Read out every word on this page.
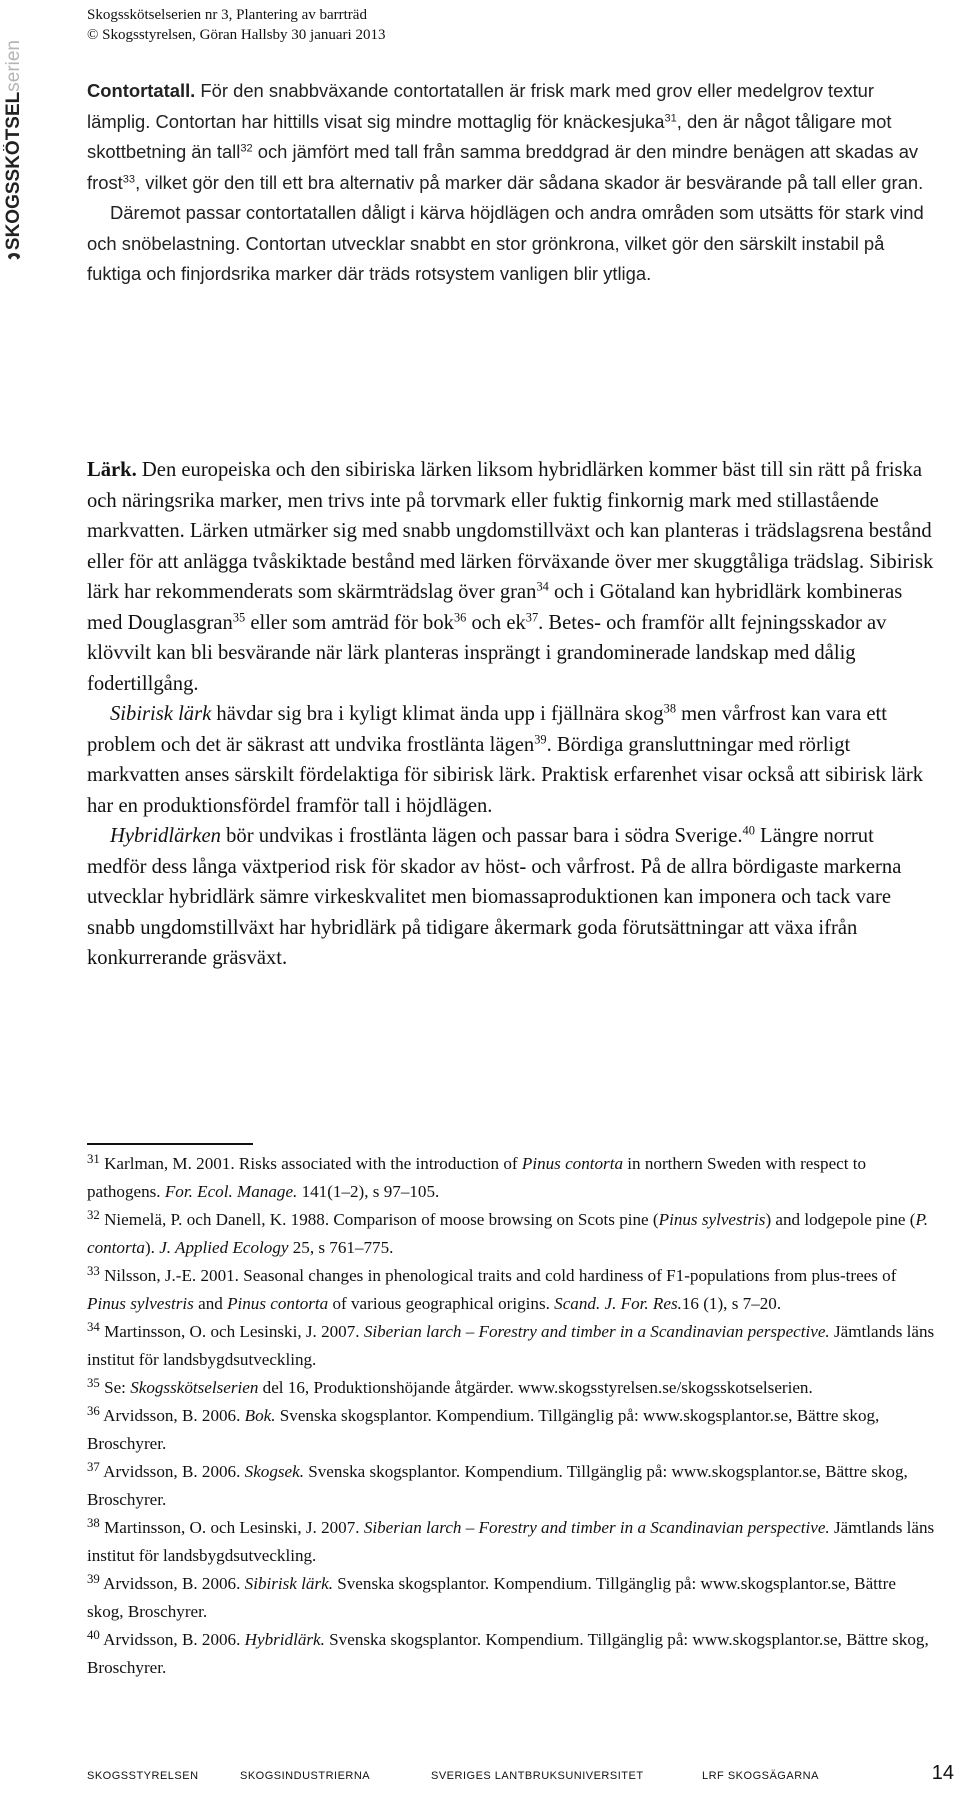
SKOGSSKÖTSELserien
Skogsskötselserien nr 3, Plantering av barrträd
© Skogsstyrelsen, Göran Hallsby 30 januari 2013

Contortatall. För den snabbväxande contortatallen är frisk mark med grov eller medelgrov textur lämplig. Contortan har hittills visat sig mindre mottaglig för knäckesjuka$^{31}$, den är något tåligare mot skottbetning än tall$^{32}$ och jämfört med tall från samma breddgrad är den mindre benägen att skadas av frost$^{33}$, vilket gör den till ett bra alternativ på marker där sådana skador är besvärande på tall eller gran.

Däremot passar contortatallen dåligt i kärva höjdlägen och andra områden som utsätts för stark vind och snöbelastning. Contortan utvecklar snabbt en stor grönkrona, vilket gör den särskilt instabil på fuktiga och finjordsrika marker där träds rotsystem vanligen blir ytliga.

Lärk. Den europeiska och den sibiriska lärken liksom hybridlärken kommer bäst till sin rätt på friska och näringsrika marker, men trivs inte på torvmark eller fuktig finkornig mark med stillastående markvatten. Lärken utmärker sig med snabb ungdomstillväxt och kan planteras i trädslagsrena bestånd eller för att anlägga tvåskiktade bestånd med lärken förväxande över mer skuggtåliga trädslag. Sibirisk lärk har rekommenderats som skärmträdslag över gran$^{34}$ och i Götaland kan hybridlärk kombineras med Douglasgran$^{35}$ eller som amträd för bok$^{36}$ och $ek^{37}$. Betes- och framför allt fejningsskador av klövvilt kan bli besvärande när lärk planteras insprängt i grandominerade landskap med dålig fodertillgång.

Sibirisk lärk hävdar sig bra i kyligt klimat ända upp i fjällnära skog$^{38}$ men vårfrost kan vara ett problem och det är säkrast att undvika frostlänta lägen$^{39}$. Bördiga gransluttningar med rörligt markvatten anses särskilt fördelaktiga för sibirisk lärk. Praktisk erfarenhet visar också att sibirisk lärk har en produktionsfördel framför tall i höjdlägen.

Hybridlärken bör undvikas i frostlänta lägen och passar bara i södra Sverige.$^{40}$ Längre norrut medför dess långa växtperiod risk för skador av höst- och vårfrost. På de allra bördigaste markerna utvecklar hybridlärk sämre virkeskvalitet men biomassaproduktionen kan imponera och tack vare snabb ungdomstillväxt har hybridlärk på tidigare åkermark goda förutsättningar att växa ifrån konkurrerande gräsväxt.

$^{31}$ Karlman, M. 2001. Risks associated with the introduction of Pinus contorta in northern Sweden with respect to pathogens. For. Ecol. Manage. 141(1–2), s 97–105.

$^{32}$ Niemelä, P. och Danell, K. 1988. Comparison of moose browsing on Scots pine (Pinus sylvestris) and lodgepole pine (P. contorta). J. Applied Ecology 25, s 761–775.

$^{33}$ Nilsson, J.-E. 2001. Seasonal changes in phenological traits and cold hardiness of F1-populations from plus-trees of Pinus sylvestris and Pinus contorta of various geographical origins. Scand. J. For. Res.16 (1), s 7–20.

$^{34}$ Martinsson, O. och Lesinski, J. 2007. Siberian larch – Forestry and timber in a Scandinavian perspective. Jämtlands läns institut för landsbygdsutveckling.

$^{35}$ Se: Skogsskötselserien del 16, Produktionshöjande åtgärder. www.skogsstyrelsen.se/skogsskotselserien.

$^{36}$ Arvidsson, B. 2006. Bok. Svenska skogsplantor. Kompendium. Tillgänglig på: www.skogsplantor.se, Bättre skog, Broschyrer.

$^{37}$ Arvidsson, B. 2006. Skogsek. Svenska skogsplantor. Kompendium. Tillgänglig på: www.skogsplantor.se, Bättre skog, Broschyrer.

$^{38}$ Martinsson, O. och Lesinski, J. 2007. Siberian larch – Forestry and timber in a Scandinavian perspective. Jämtlands läns institut för landsbygdsutveckling.

$^{39}$ Arvidsson, B. 2006. Sibirisk lärk. Svenska skogsplantor. Kompendium. Tillgänglig på: www.skogsplantor.se, Bättre skog, Broschyrer.

$^{40}$ Arvidsson, B. 2006. Hybridlärk. Svenska skogsplantor. Kompendium. Tillgänglig på: www.skogsplantor.se, Bättre skog, Broschyrer.

SKOGSSTYRELSEN	SKOGSINDUSTRIERNA	SVERIGES LANTBRUKSUNIVERSITET	LRF SKOGSÄGARNA	14
